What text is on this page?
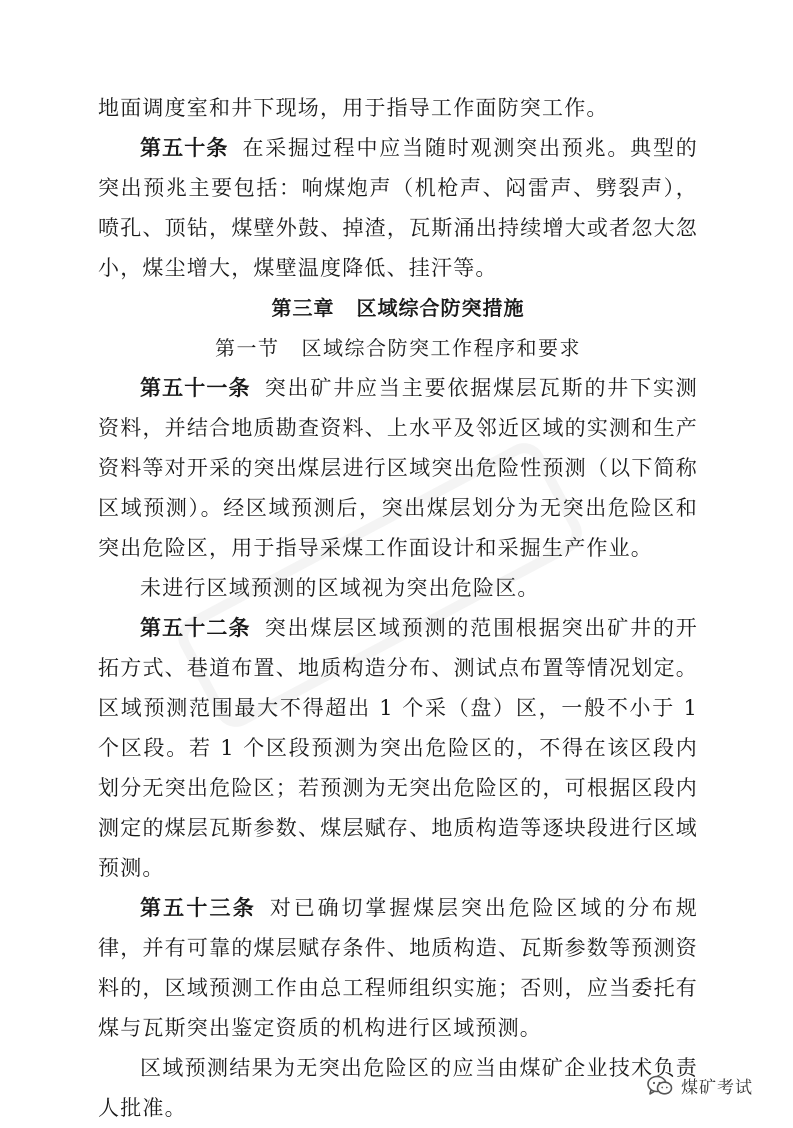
地面调度室和井下现场，用于指导工作面防突工作。

第五十条 在采掘过程中应当随时观测突出预兆。典型的突出预兆主要包括：响煤炮声（机枪声、闷雷声、劈裂声），喷孔、顶钻，煤壁外鼓、掉渣，瓦斯涌出持续增大或者忽大忽小，煤尘增大，煤壁温度降低、挂汗等。

第三章 区域综合防突措施

第一节 区域综合防突工作程序和要求

第五十一条 突出矿井应当主要依据煤层瓦斯的井下实测资料，并结合地质勘查资料、上水平及邻近区域的实测和生产资料等对开采的突出煤层进行区域突出危险性预测（以下简称区域预测）。经区域预测后，突出煤层划分为无突出危险区和突出危险区，用于指导采煤工作面设计和采掘生产作业。

未进行区域预测的区域视为突出危险区。

第五十二条 突出煤层区域预测的范围根据突出矿井的开拓方式、巷道布置、地质构造分布、测试点布置等情况划定。区域预测范围最大不得超出 1 个采（盘）区，一般不小于 1 个区段。若 1 个区段预测为突出危险区的，不得在该区段内划分无突出危险区；若预测为无突出危险区的，可根据区段内测定的煤层瓦斯参数、煤层赋存、地质构造等逐块段进行区域预测。

第五十三条 对已确切掌握煤层突出危险区域的分布规律，并有可靠的煤层赋存条件、地质构造、瓦斯参数等预测资料的，区域预测工作由总工程师组织实施；否则，应当委托有煤与瓦斯突出鉴定资质的机构进行区域预测。

区域预测结果为无突出危险区的应当由煤矿企业技术负责人批准。

煤矿考试
